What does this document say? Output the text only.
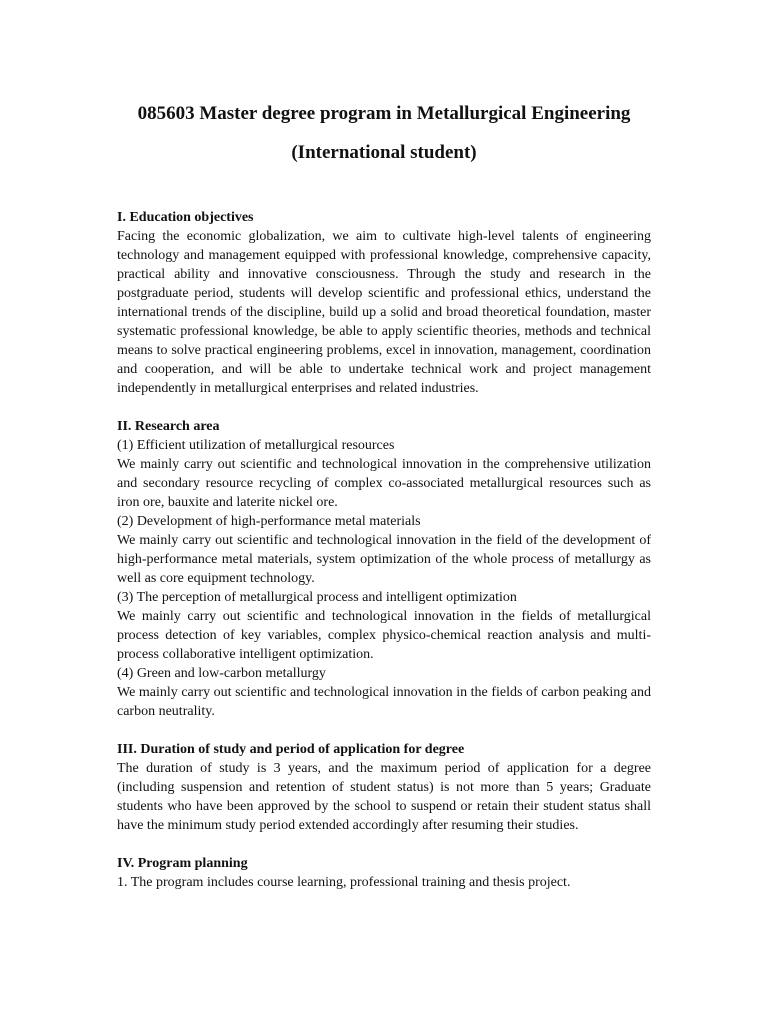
085603 Master degree program in Metallurgical Engineering

(International student)

I. Education objectives

Facing the economic globalization, we aim to cultivate high-level talents of engineering technology and management equipped with professional knowledge, comprehensive capacity, practical ability and innovative consciousness. Through the study and research in the postgraduate period, students will develop scientific and professional ethics, understand the international trends of the discipline, build up a solid and broad theoretical foundation, master systematic professional knowledge, be able to apply scientific theories, methods and technical means to solve practical engineering problems, excel in innovation, management, coordination and cooperation, and will be able to undertake technical work and project management independently in metallurgical enterprises and related industries.

II. Research area

(1) Efficient utilization of metallurgical resources

We mainly carry out scientific and technological innovation in the comprehensive utilization and secondary resource recycling of complex co-associated metallurgical resources such as iron ore, bauxite and laterite nickel ore.

(2) Development of high-performance metal materials

We mainly carry out scientific and technological innovation in the field of the development of high-performance metal materials, system optimization of the whole process of metallurgy as well as core equipment technology.

(3) The perception of metallurgical process and intelligent optimization

We mainly carry out scientific and technological innovation in the fields of metallurgical process detection of key variables, complex physico-chemical reaction analysis and multi-process collaborative intelligent optimization.

(4) Green and low-carbon metallurgy

We mainly carry out scientific and technological innovation in the fields of carbon peaking and carbon neutrality.

III. Duration of study and period of application for degree

The duration of study is 3 years, and the maximum period of application for a degree (including suspension and retention of student status) is not more than 5 years; Graduate students who have been approved by the school to suspend or retain their student status shall have the minimum study period extended accordingly after resuming their studies.

IV. Program planning

1. The program includes course learning, professional training and thesis project.
